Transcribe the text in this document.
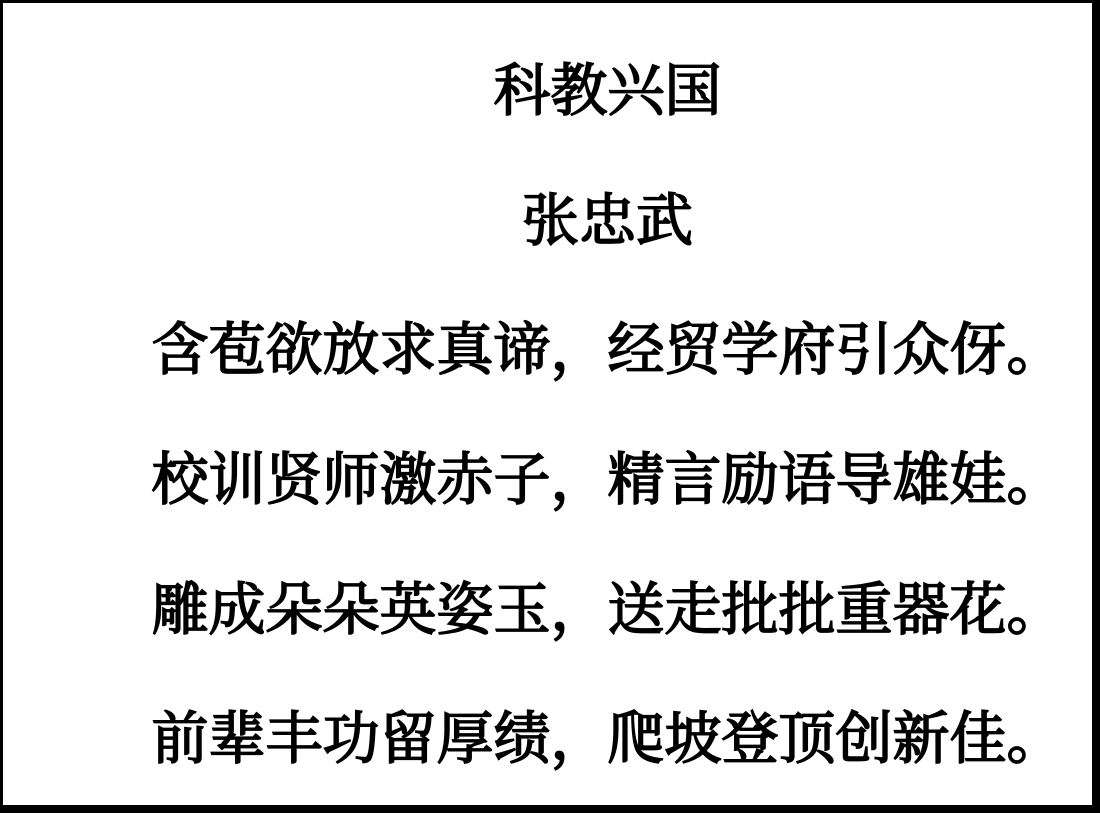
科教兴国
张忠武
含苞欲放求真谛，经贸学府引众伢。
校训贤师激赤子，精言励语导雄娃。
雕成朵朵英姿玉，送走批批重器花。
前辈丰功留厚绩，爬坡登顶创新佳。
